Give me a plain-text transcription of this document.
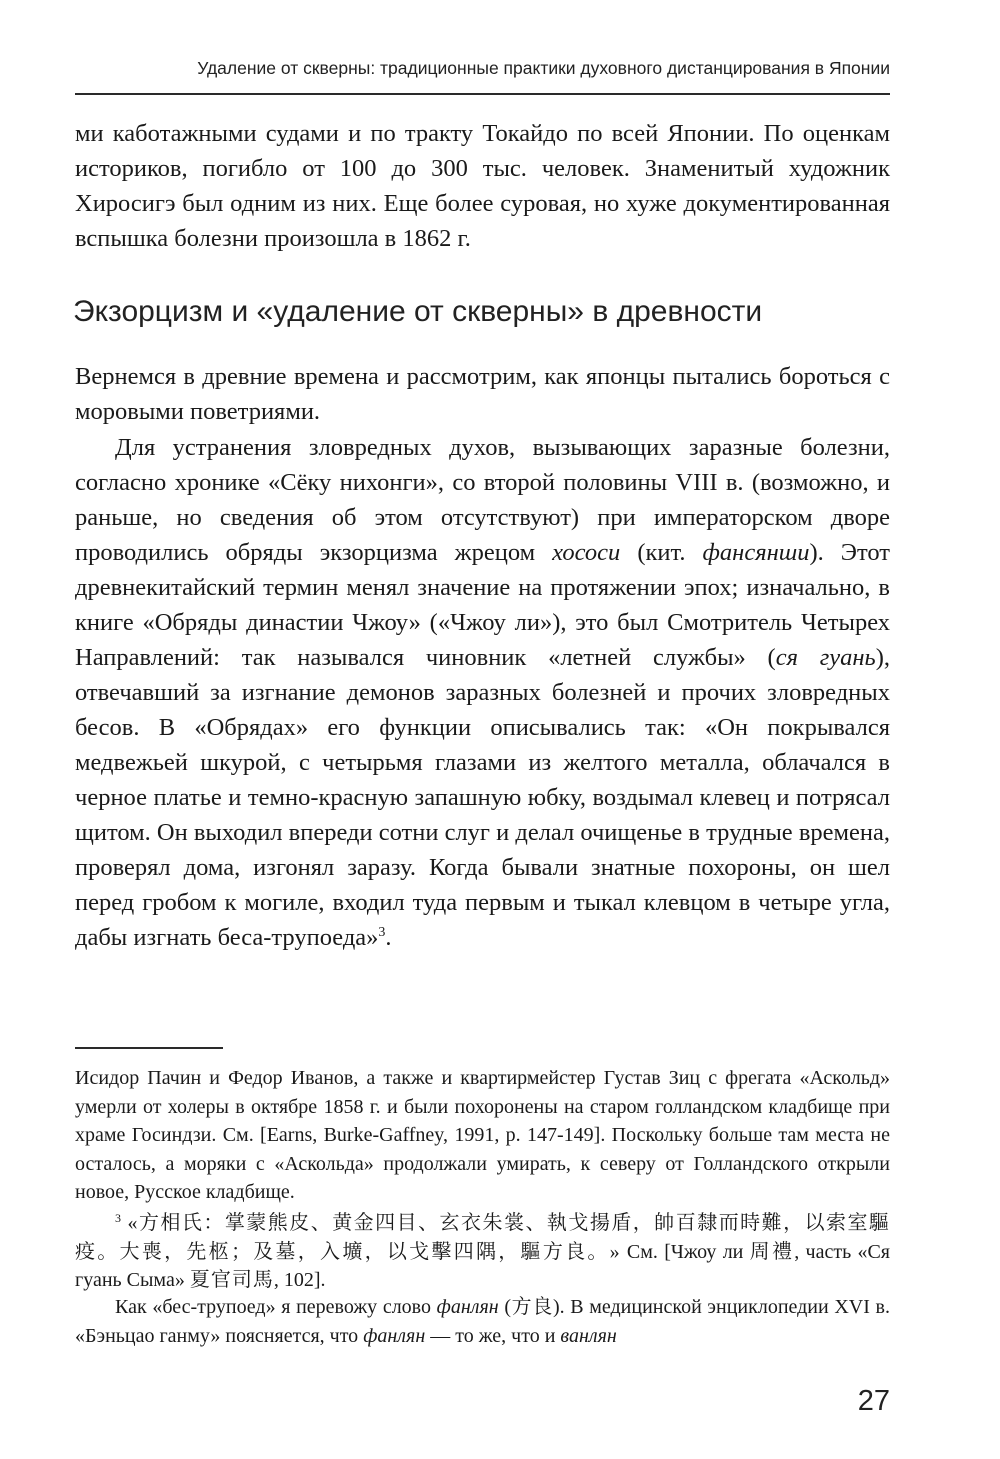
Удаление от скверны: традиционные практики духовного дистанцирования в Японии

ми каботажными судами и по тракту Токайдо по всей Японии. По оценкам историков, погибло от 100 до 300 тыс. человек. Знаменитый художник Хиросигэ был одним из них. Еще более суровая, но хуже документированная вспышка болезни произошла в 1862 г.

Экзорцизм и «удаление от скверны» в древности

Вернемся в древние времена и рассмотрим, как японцы пытались бороться с моровыми поветриями.

Для устранения зловредных духов, вызывающих заразные болезни, согласно хронике «Сёку нихонги», со второй половины VIII в. (возможно, и раньше, но сведения об этом отсутствуют) при императорском дворе проводились обряды экзорцизма жрецом хососи (кит. фансянши). Этот древнекитайский термин менял значение на протяжении эпох; изначально, в книге «Обряды династии Чжоу» («Чжоу ли»), это был Смотритель Четырех Направлений: так назывался чиновник «летней службы» (ся гуань), отвечавший за изгнание демонов заразных болезней и прочих зловредных бесов. В «Обрядах» его функции описывались так: «Он покрывался медвежьей шкурой, с четырьмя глазами из желтого металла, облачался в черное платье и темно-красную запашную юбку, воздымал клевец и потрясал щитом. Он выходил впереди сотни слуг и делал очищенье в трудные времена, проверял дома, изгонял заразу. Когда бывали знатные похороны, он шел перед гробом к могиле, входил туда первым и тыкал клевцом в четыре угла, дабы изгнать беса-трупоеда»$^3$.

Исидор Пачин и Федор Иванов, а также и квартирмейстер Густав Зиц с фрегата «Аскольд» умерли от холеры в октябре 1858 г. и были похоронены на старом голландском кладбище при храме Госиндзи. См. [Earns, Burke-Gaffney, 1991, p. 147-149]. Поскольку больше там места не осталось, а моряки с «Аскольда» продолжали умирать, к северу от Голландского открыли новое, Русское кладбище.

$^3$ «方相氏：掌蒙熊皮、黄金四目、玄衣朱裳、執戈揚盾，帥百隸而時難，以索室驅疫。大喪，先柩；及墓，入壙，以戈擊四隅，驅方良。» См. [Чжоу ли 周禮, часть «Ся гуань Сыма» 夏官司馬, 102].

Как «бес-трупоед» я перевожу слово фанлян (方良). В медицинской энциклопедии XVI в. «Бэньцао ганму» поясняется, что фанлян — то же, что и ванлян

27
